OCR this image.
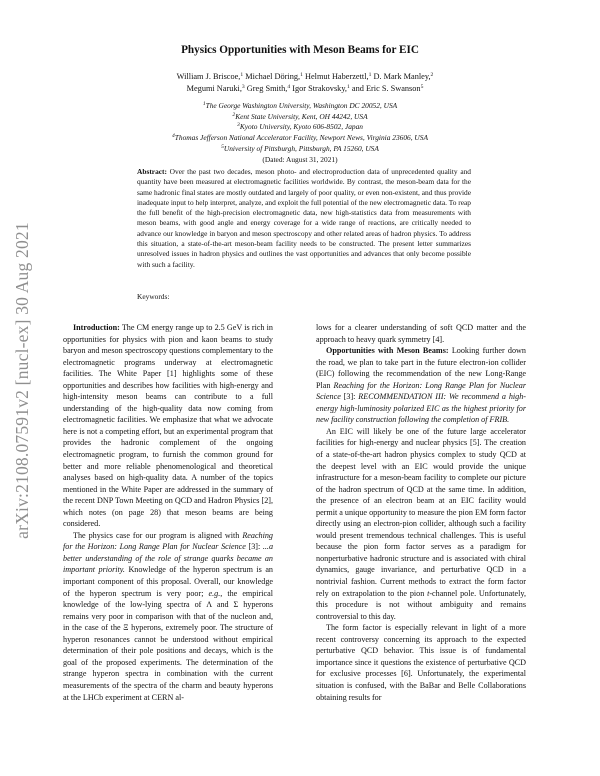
arXiv:2108.07591v2 [nucl-ex] 30 Aug 2021
Physics Opportunities with Meson Beams for EIC
William J. Briscoe,$^1$ Michael Döring,$^1$ Helmut Haberzettl,$^1$ D. Mark Manley,$^2$
Megumi Naruki,$^3$ Greg Smith,$^4$ Igor Strakovsky,$^1$ and Eric S. Swanson$^5$
$^1$The George Washington University, Washington DC 20052, USA
$^2$Kent State University, Kent, OH 44242, USA
$^3$Kyoto University, Kyoto 606-8502, Japan
$^4$Thomas Jefferson National Accelerator Facility, Newport News, Virginia 23606, USA
$^5$University of Pittsburgh, Pittsburgh, PA 15260, USA
(Dated: August 31, 2021)
Abstract: Over the past two decades, meson photo- and electroproduction data of unprecedented quality and quantity have been measured at electromagnetic facilities worldwide. By contrast, the meson-beam data for the same hadronic final states are mostly outdated and largely of poor quality, or even non-existent, and thus provide inadequate input to help interpret, analyze, and exploit the full potential of the new electromagnetic data. To reap the full benefit of the high-precision electromagnetic data, new high-statistics data from measurements with meson beams, with good angle and energy coverage for a wide range of reactions, are critically needed to advance our knowledge in baryon and meson spectroscopy and other related areas of hadron physics. To address this situation, a state-of-the-art meson-beam facility needs to be constructed. The present letter summarizes unresolved issues in hadron physics and outlines the vast opportunities and advances that only become possible with such a facility.
Keywords:

Introduction: The CM energy range up to 2.5 GeV is rich in opportunities for physics with pion and kaon beams to study baryon and meson spectroscopy questions complementary to the electromagnetic programs underway at electromagnetic facilities. The White Paper [1] highlights some of these opportunities and describes how facilities with high-energy and high-intensity meson beams can contribute to a full understanding of the high-quality data now coming from electromagnetic facilities. We emphasize that what we advocate here is not a competing effort, but an experimental program that provides the hadronic complement of the ongoing electromagnetic program, to furnish the common ground for better and more reliable phenomenological and theoretical analyses based on high-quality data. A number of the topics mentioned in the White Paper are addressed in the summary of the recent DNP Town Meeting on QCD and Hadron Physics [2], which notes (on page 28) that meson beams are being considered.

The physics case for our program is aligned with Reaching for the Horizon: Long Range Plan for Nuclear Science [3]: ...a better understanding of the role of strange quarks became an important priority. Knowledge of the hyperon spectrum is an important component of this proposal. Overall, our knowledge of the hyperon spectrum is very poor; e.g., the empirical knowledge of the low-lying spectra of Λ and Σ hyperons remains very poor in comparison with that of the nucleon and, in the case of the Ξ hyperons, extremely poor. The structure of hyperon resonances cannot be understood without empirical determination of their pole positions and decays, which is the goal of the proposed experiments. The determination of the strange hyperon spectra in combination with the current measurements of the spectra of the charm and beauty hyperons at the LHCb experiment at CERN al-

lows for a clearer understanding of soft QCD matter and the approach to heavy quark symmetry [4].

Opportunities with Meson Beams: Looking further down the road, we plan to take part in the future electron-ion collider (EIC) following the recommendation of the new Long-Range Plan Reaching for the Horizon: Long Range Plan for Nuclear Science [3]: RECOMMENDATION III: We recommend a high-energy high-luminosity polarized EIC as the highest priority for new facility construction following the completion of FRIB.

An EIC will likely be one of the future large accelerator facilities for high-energy and nuclear physics [5]. The creation of a state-of-the-art hadron physics complex to study QCD at the deepest level with an EIC would provide the unique infrastructure for a meson-beam facility to complete our picture of the hadron spectrum of QCD at the same time. In addition, the presence of an electron beam at an EIC facility would permit a unique opportunity to measure the pion EM form factor directly using an electron-pion collider, although such a facility would present tremendous technical challenges. This is useful because the pion form factor serves as a paradigm for nonperturbative hadronic structure and is associated with chiral dynamics, gauge invariance, and perturbative QCD in a nontrivial fashion. Current methods to extract the form factor rely on extrapolation to the pion t-channel pole. Unfortunately, this procedure is not without ambiguity and remains controversial to this day.

The form factor is especially relevant in light of a more recent controversy concerning its approach to the expected perturbative QCD behavior. This issue is of fundamental importance since it questions the existence of perturbative QCD for exclusive processes [6]. Unfortunately, the experimental situation is confused, with the BaBar and Belle Collaborations obtaining results for
